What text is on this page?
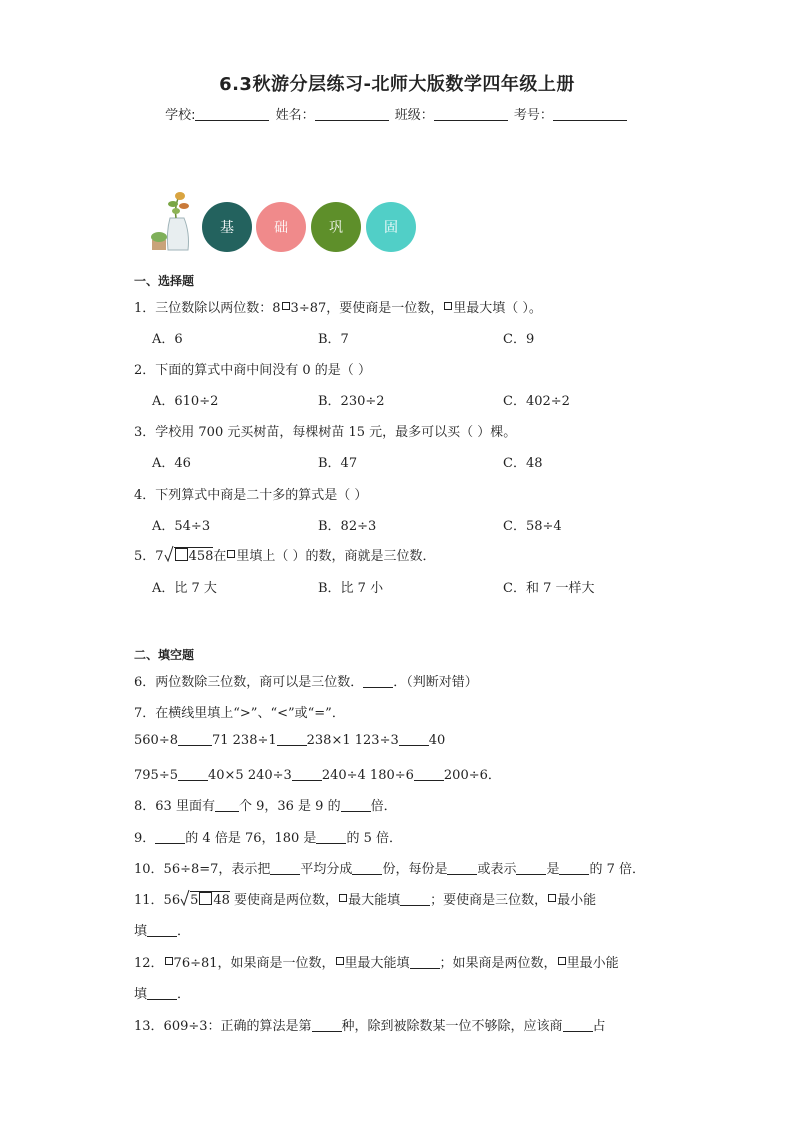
6.3秋游分层练习-北师大版数学四年级上册
学校:	姓名：	班级：	考号：
基	础	巩	固
一、选择题
1．三位数除以两位数：8 3÷87，要使商是一位数， 里最大填（ ）。
A．6	B．7	C．9
2．下面的算式中商中间没有 0 的是（ ）
A．610÷2	B．230÷2	C．402÷2
3．学校用 700 元买树苗，每棵树苗 15 元，最多可以买（ ）棵。
A．46	B．47	C．48
4．下列算式中商是二十多的算式是（ ）
A．54÷3	B．82÷3	C．58÷4
5．7 458在 里填上（ ）的数，商就是三位数．
A．比 7 大	B．比 7 小	C．和 7 一样大
二、填空题
6．两位数除三位数，商可以是三位数． ．（判断对错）
7．在横线里填上“>”、“<”或“=”．
560÷8	71 238÷1 238×1 123÷3 40
795÷5 40×5 240÷3 240÷4 180÷6 200÷6．
8．63 里面有 个 9，36 是 9 的 倍．
9． 的 4 倍是 76，180 是 的 5 倍．
10．56÷8=7，表示把 平均分成 份，每份是 或表示 是 的 7 倍．
11．56 5 48 要使商是两位数， 最大能填 ；要使商是三位数， 最小能
填 ．
12． 76÷81，如果商是一位数， 里最大能填 ；如果商是两位数， 里最小能
填 ．
13．609÷3：正确的算法是第 种，除到被除数某一位不够除，应该商 占
